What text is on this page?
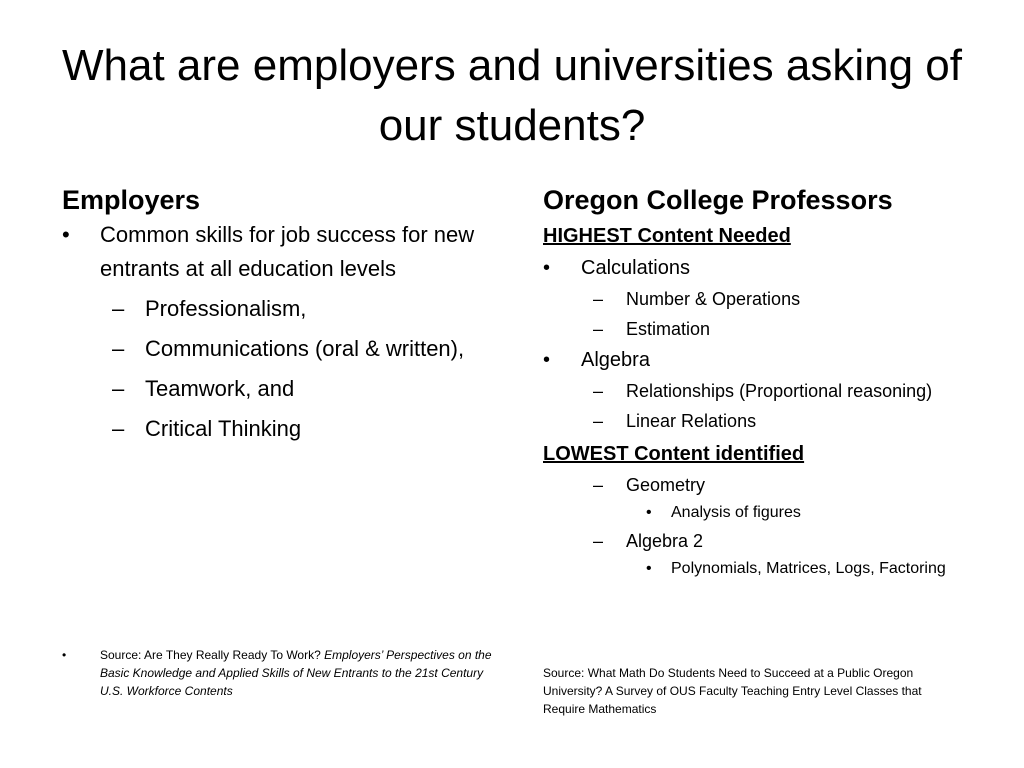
What are employers and universities asking of our students?
Employers
•	Common skills for job success for new entrants at all education levels
– Professionalism,
– Communications (oral & written),
– Teamwork, and
– Critical Thinking
•	Source: Are They Really Ready To Work? Employers’ Perspectives on the Basic Knowledge and Applied Skills of New Entrants to the 21st Century U.S. Workforce Contents
Oregon College Professors
HIGHEST Content Needed
•	Calculations
–	Number & Operations
–	Estimation
•	Algebra
–	Relationships (Proportional reasoning)
–	Linear Relations
LOWEST Content identified
–	Geometry
•	Analysis of figures
–	Algebra 2
•	Polynomials, Matrices, Logs, Factoring
Source: What Math Do Students Need to Succeed at a Public Oregon University? A Survey of OUS Faculty Teaching Entry Level Classes that Require Mathematics
